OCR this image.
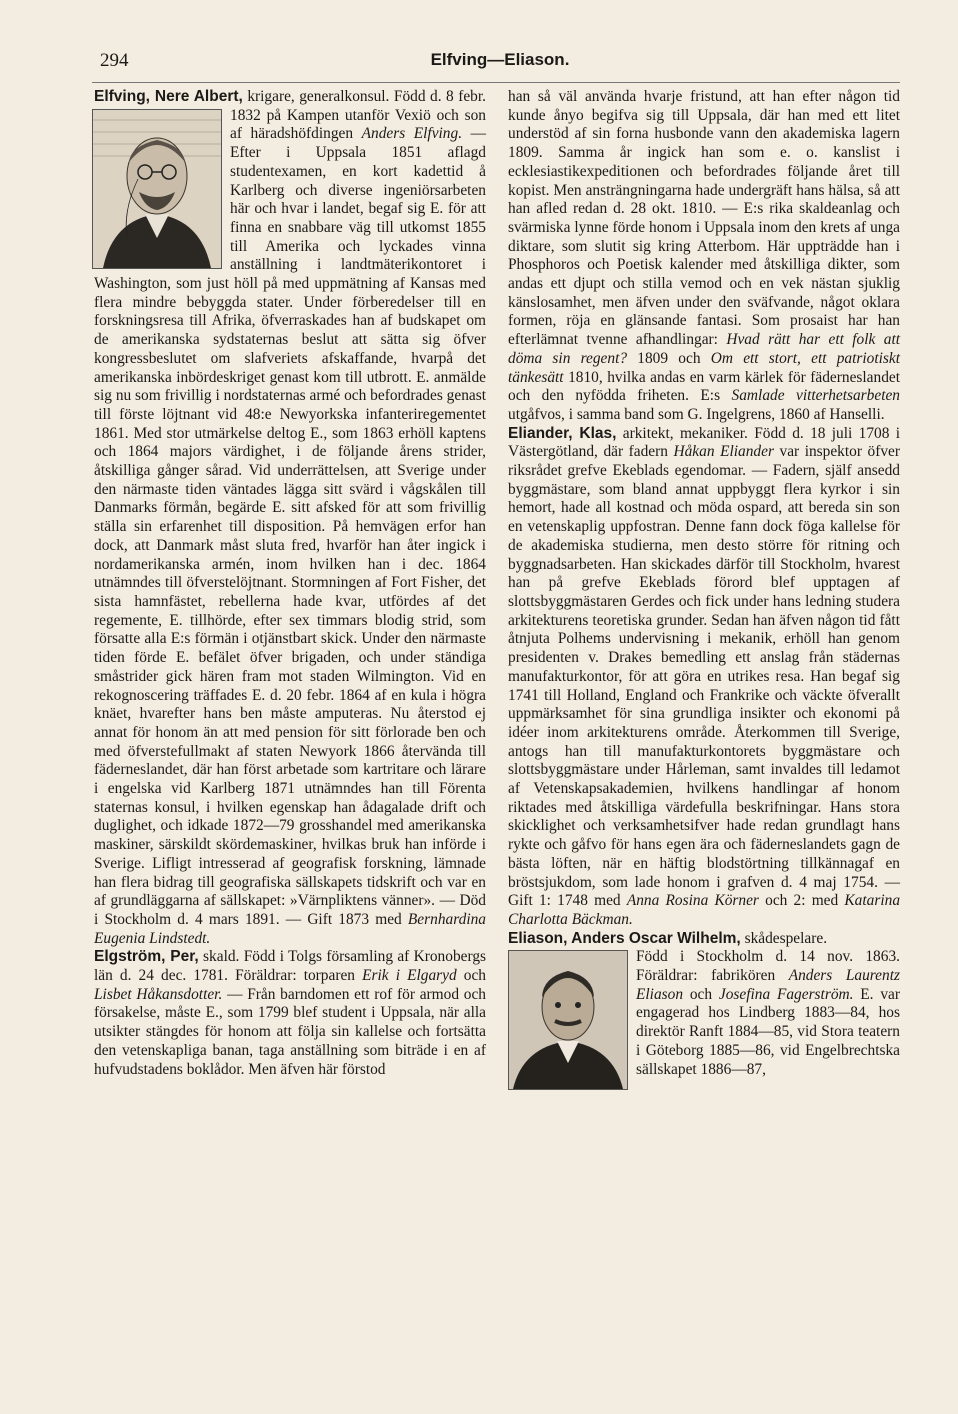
294	Elfving—Eliason.

Elfving, Nere Albert, krigare, generalkonsul. Född d. 8 febr. 1832 på Kampen utanför Vexiö och son af häradshöfdingen Anders Elfving. — Efter i Uppsala 1851 aflagd studentexamen, en kort kadettid å Karlberg och diverse ingeniörsarbeten här och hvar i landet, begaf sig E. för att finna en snabbare väg till utkomst 1855 till Amerika och lyckades vinna anställning i landtmäterikontoret i Washington, som just höll på med uppmätning af Kansas med flera mindre bebyggda stater. Under förberedelser till en forskningsresa till Afrika, öfverraskades han af budskapet om de amerikanska sydstaternas beslut att sätta sig öfver kongressbeslutet om slafveriets afskaffande, hvarpå det amerikanska inbördeskriget genast kom till utbrott. E. anmälde sig nu som frivillig i nordstaternas armé och befordrades genast till förste löjtnant vid 48:e Newyorkska infanteriregementet 1861. Med stor utmärkelse deltog E., som 1863 erhöll kaptens och 1864 majors värdighet, i de följande årens strider, åtskilliga gånger sårad. Vid underrättelsen, att Sverige under den närmaste tiden väntades lägga sitt svärd i vågskålen till Danmarks förmån, begärde E. sitt afsked för att som frivillig ställa sin erfarenhet till disposition. På hemvägen erfor han dock, att Danmark måst sluta fred, hvarför han åter ingick i nordamerikanska armén, inom hvilken han i dec. 1864 utnämndes till öfverstelöjtnant. Stormningen af Fort Fisher, det sista hamnfästet, rebellerna hade kvar, utfördes af det regemente, E. tillhörde, efter sex timmars blodig strid, som försatte alla E:s förmän i otjänstbart skick. Under den närmaste tiden förde E. befälet öfver brigaden, och under ständiga småstrider gick hären fram mot staden Wilmington. Vid en rekognoscering träffades E. d. 20 febr. 1864 af en kula i högra knäet, hvarefter hans ben måste amputeras. Nu återstod ej annat för honom än att med pension för sitt förlorade ben och med öfverstefullmakt af staten Newyork 1866 återvända till fäderneslandet, där han först arbetade som kartritare och lärare i engelska vid Karlberg 1871 utnämndes han till Förenta staternas konsul, i hvilken egenskap han ådagalade drift och duglighet, och idkade 1872—79 grosshandel med amerikanska maskiner, särskildt skördemaskiner, hvilkas bruk han införde i Sverige. Lifligt intresserad af geografisk forskning, lämnade han flera bidrag till geografiska sällskapets tidskrift och var en af grundläggarna af sällskapet: »Värnpliktens vänner». — Död i Stockholm d. 4 mars 1891. — Gift 1873 med Bernhardina Eugenia Lindstedt.

Elgström, Per, skald. Född i Tolgs församling af Kronobergs län d. 24 dec. 1781. Föräldrar: torparen Erik i Elgaryd och Lisbet Håkansdotter. — Från barndomen ett rof för armod och försakelse, måste E., som 1799 blef student i Uppsala, när alla utsikter stängdes för honom att följa sin kallelse och fortsätta den vetenskapliga banan, taga anställning som biträde i en af hufvudstadens boklådor. Men äfven här förstod

han så väl använda hvarje fristund, att han efter någon tid kunde ånyo begifva sig till Uppsala, där han med ett litet understöd af sin forna husbonde vann den akademiska lagern 1809. Samma år ingick han som e. o. kanslist i ecklesiastikexpeditionen och befordrades följande året till kopist. Men ansträngningarna hade undergräft hans hälsa, så att han afled redan d. 28 okt. 1810. — E:s rika skaldeanlag och svärmiska lynne förde honom i Uppsala inom den krets af unga diktare, som slutit sig kring Atterbom. Här uppträdde han i Phosphoros och Poetisk kalender med åtskilliga dikter, som andas ett djupt och stilla vemod och en vek nästan sjuklig känslosamhet, men äfven under den sväfvande, något oklara formen, röja en glänsande fantasi. Som prosaist har han efterlämnat tvenne afhandlingar: Hvad rätt har ett folk att döma sin regent? 1809 och Om ett stort, ett patriotiskt tänkesätt 1810, hvilka andas en varm kärlek för fäderneslandet och den nyfödda friheten. E:s Samlade vitterhetsarbeten utgåfvos, i samma band som G. Ingelgrens, 1860 af Hanselli.

Eliander, Klas, arkitekt, mekaniker. Född d. 18 juli 1708 i Västergötland, där fadern Håkan Eliander var inspektor öfver riksrådet grefve Ekeblads egendomar. — Fadern, själf ansedd byggmästare, som bland annat uppbyggt flera kyrkor i sin hemort, hade all kostnad och möda ospard, att bereda sin son en vetenskaplig uppfostran. Denne fann dock föga kallelse för de akademiska studierna, men desto större för ritning och byggnadsarbeten. Han skickades därför till Stockholm, hvarest han på grefve Ekeblads förord blef upptagen af slottsbyggmästaren Gerdes och fick under hans ledning studera arkitekturens teoretiska grunder. Sedan han äfven någon tid fått åtnjuta Polhems undervisning i mekanik, erhöll han genom presidenten v. Drakes bemedling ett anslag från städernas manufakturkontor, för att göra en utrikes resa. Han begaf sig 1741 till Holland, England och Frankrike och väckte öfverallt uppmärksamhet för sina grundliga insikter och ekonomi på idéer inom arkitekturens område. Återkommen till Sverige, antogs han till manufakturkontorets byggmästare och slottsbyggmästare under Hårleman, samt invaldes till ledamot af Vetenskapsakademien, hvilkens handlingar af honom riktades med åtskilliga värdefulla beskrifningar. Hans stora skicklighet och verksamhetsifver hade redan grundlagt hans rykte och gåfvo för hans egen ära och fäderneslandets gagn de bästa löften, när en häftig blodstörtning tillkännagaf en bröstsjukdom, som lade honom i grafven d. 4 maj 1754. — Gift 1: 1748 med Anna Rosina Körner och 2: med Katarina Charlotta Bäckman.

Eliason, Anders Oscar Wilhelm, skådespelare.

Född i Stockholm d. 14 nov. 1863. Föräldrar: fabrikören Anders Laurentz Eliason och Josefina Fagerström. E. var engagerad hos Lindberg 1883—84, hos direktör Ranft 1884—85, vid Stora teatern i Göteborg 1885—86, vid Engelbrechtska sällskapet 1886—87,
